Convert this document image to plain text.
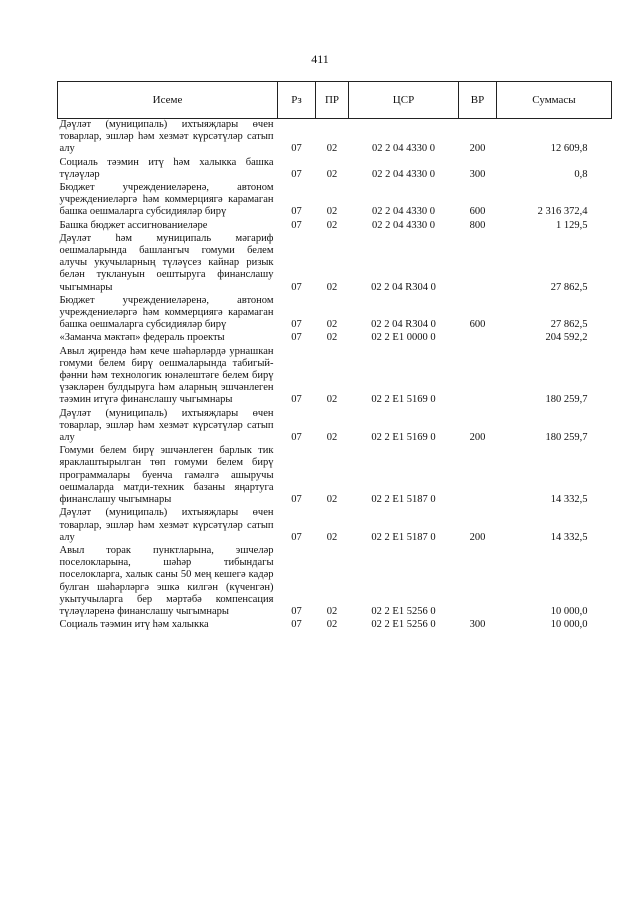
411
Исеме	Рз	ПР	ЦСР	ВР	Суммасы
Дәүләт (муниципаль) ихтыяҗлары өчен товарлар, эшләр һәм хезмәт күрсәтүләр сатып алу	07	02	02 2 04 4330 0	200	12 609,8
Социаль тәэмин итү һәм халыкка башка түләүләр	07	02	02 2 04 4330 0	300	0,8
Бюджет учреждениеләренә, автоном учреждениеләргә һәм коммерциягә карамаган башка оешмаларга субсидияләр бирү	07	02	02 2 04 4330 0	600	2 316 372,4
Башка бюджет ассигнованиеләре	07	02	02 2 04 4330 0	800	1 129,5
Дәүләт һәм муниципаль мәгариф оешмаларында башлангыч гомуми белем алучы укучыларның түләүсез кайнар ризык белән туклануын оештыруга финанслашу чыгымнары	07	02	02 2 04 R304 0		27 862,5
Бюджет учреждениеләренә, автоном учреждениеләргә һәм коммерциягә карамаган башка оешмаларга субсидияләр бирү	07	02	02 2 04 R304 0	600	27 862,5
«Заманча мәктәп» федераль проекты	07	02	02 2 E1 0000 0		204 592,2
Авыл җирендә һәм кече шәһәрләрдә урнашкан гомуми белем бирү оешмаларында табигый-фәнни һәм технологик юнәлештәге белем бирү үзәкләрен булдыруга һәм аларның эшчәнлеген тәэмин итүгә финанслашу чыгымнары	07	02	02 2 E1 5169 0		180 259,7
Дәүләт (муниципаль) ихтыяҗлары өчен товарлар, эшләр һәм хезмәт күрсәтүләр сатып алу	07	02	02 2 E1 5169 0	200	180 259,7
Гомуми белем бирү эшчәнлеген барлык тик яраклаштырылган төп гомуми белем бирү программалары буенча гамәлгә ашыручы оешмаларда матди-техник базаны яңартуга финанслашу чыгымнары	07	02	02 2 E1 5187 0		14 332,5
Дәүләт (муниципаль) ихтыяҗлары өчен товарлар, эшләр һәм хезмәт күрсәтүләр сатып алу	07	02	02 2 E1 5187 0	200	14 332,5
Авыл торак пунктларына, эшчеләр поселокларына, шәһәр тибындагы поселокларга, халык саны 50 мең кешегә кадәр булган шәһәрләргә эшкә килгән (күченгән) укытучыларга бер мәртәбә компенсация түләүләренә финанслашу чыгымнары	07	02	02 2 E1 5256 0		10 000,0
Социаль тәэмин итү һәм халыкка	07	02	02 2 E1 5256 0	300	10 000,0
